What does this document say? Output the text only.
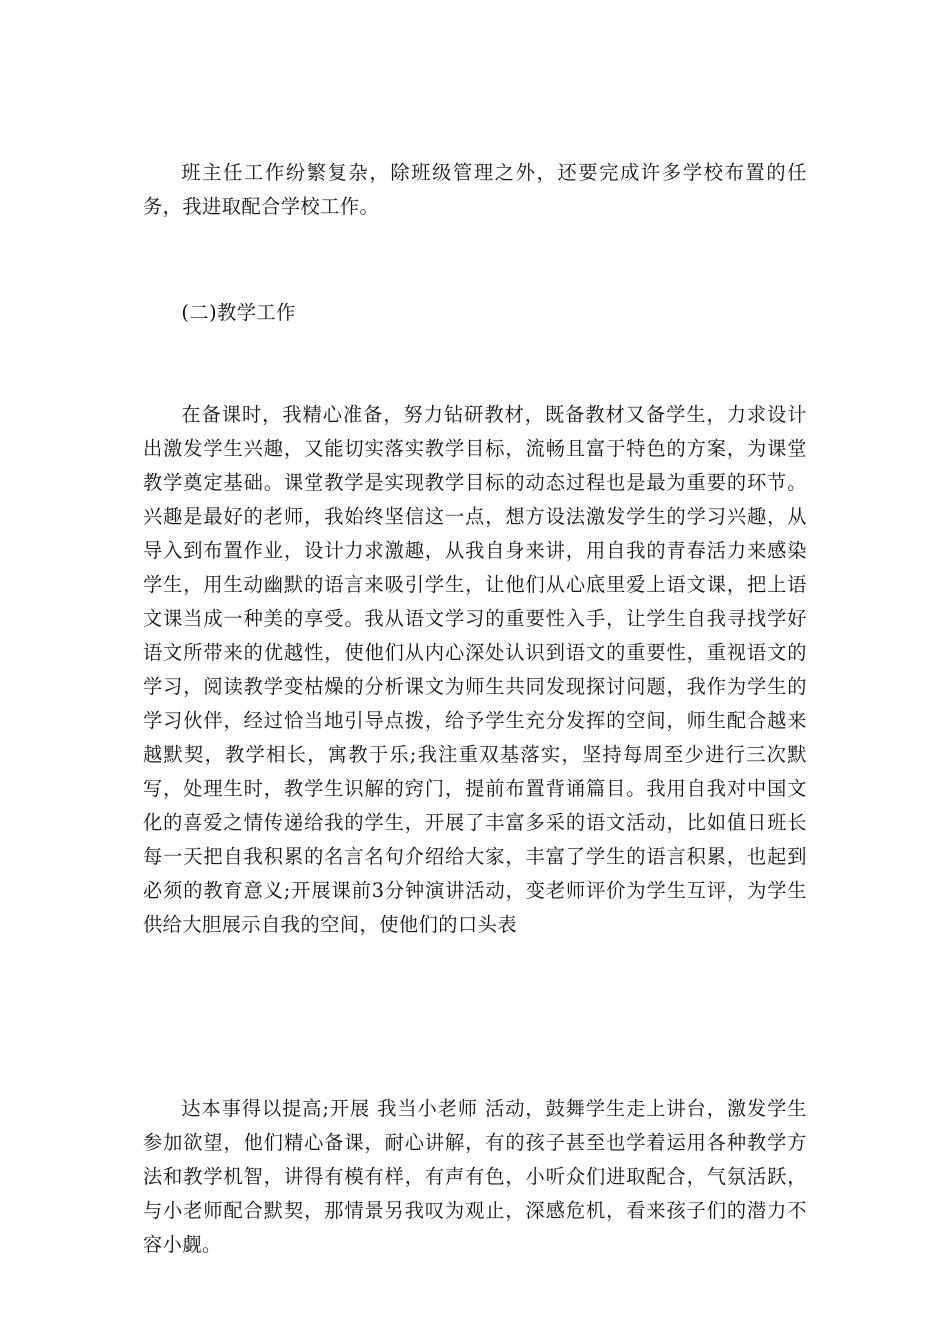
班主任工作纷繁复杂，除班级管理之外，还要完成许多学校布置的任务，我进取配合学校工作。

(二)教学工作

在备课时，我精心准备，努力钻研教材，既备教材又备学生，力求设计出激发学生兴趣，又能切实落实教学目标，流畅且富于特色的方案，为课堂教学奠定基础。课堂教学是实现教学目标的动态过程也是最为重要的环节。兴趣是最好的老师，我始终坚信这一点，想方设法激发学生的学习兴趣，从导入到布置作业，设计力求激趣，从我自身来讲，用自我的青春活力来感染学生，用生动幽默的语言来吸引学生，让他们从心底里爱上语文课，把上语文课当成一种美的享受。我从语文学习的重要性入手，让学生自我寻找学好语文所带来的优越性，使他们从内心深处认识到语文的重要性，重视语文的学习，阅读教学变枯燥的分析课文为师生共同发现探讨问题，我作为学生的学习伙伴，经过恰当地引导点拨，给予学生充分发挥的空间，师生配合越来越默契，教学相长，寓教于乐;我注重双基落实，坚持每周至少进行三次默写，处理生时，教学生识解的窍门，提前布置背诵篇目。我用自我对中国文化的喜爱之情传递给我的学生，开展了丰富多采的语文活动，比如值日班长每一天把自我积累的名言名句介绍给大家，丰富了学生的语言积累，也起到必须的教育意义;开展课前3分钟演讲活动，变老师评价为学生互评，为学生供给大胆展示自我的空间，使他们的口头表

达本事得以提高;开展 我当小老师 活动，鼓舞学生走上讲台，激发学生参加欲望，他们精心备课，耐心讲解，有的孩子甚至也学着运用各种教学方法和教学机智，讲得有模有样，有声有色，小听众们进取配合，气氛活跃，与小老师配合默契，那情景另我叹为观止，深感危机，看来孩子们的潜力不容小觑。
